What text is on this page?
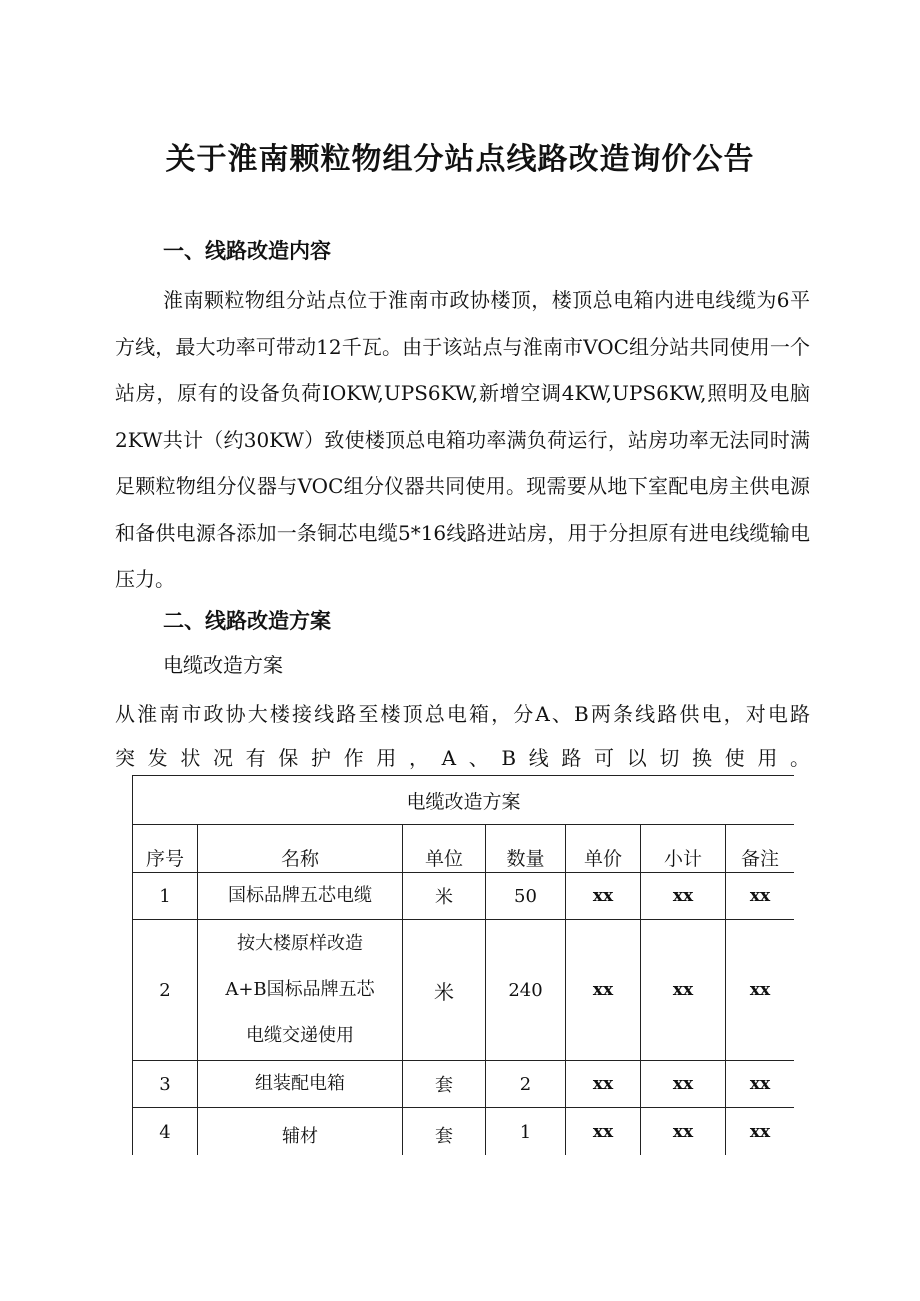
关于淮南颗粒物组分站点线路改造询价公告
一、线路改造内容
淮南颗粒物组分站点位于淮南市政协楼顶，楼顶总电箱内进电线缆为6平方线，最大功率可带动12千瓦。由于该站点与淮南市VOC组分站共同使用一个站房，原有的设备负荷IOKW,UPS6KW,新增空调4KW,UPS6KW,照明及电脑2KW共计（约30KW）致使楼顶总电箱功率满负荷运行，站房功率无法同时满足颗粒物组分仪器与VOC组分仪器共同使用。现需要从地下室配电房主供电源和备供电源各添加一条铜芯电缆5*16线路进站房，用于分担原有进电线缆输电压力。
二、线路改造方案
电缆改造方案
从淮南市政协大楼接线路至楼顶总电箱，分A、B两条线路供电，对电路
突发状况有保护作用，A、B线路可以切换使用。
电缆改造方案						
序号	名称	单位	数量	单价	小计	备注
1	国标品牌五芯电缆	米	50	xx	xx	xx
2	按大楼原样改造
A+B国标品牌五芯
电缆交递使用	米	240	xx	xx	xx
3	组装配电箱	套	2	xx	xx	xx
4	辅材	套	1	xx	xx	xx
